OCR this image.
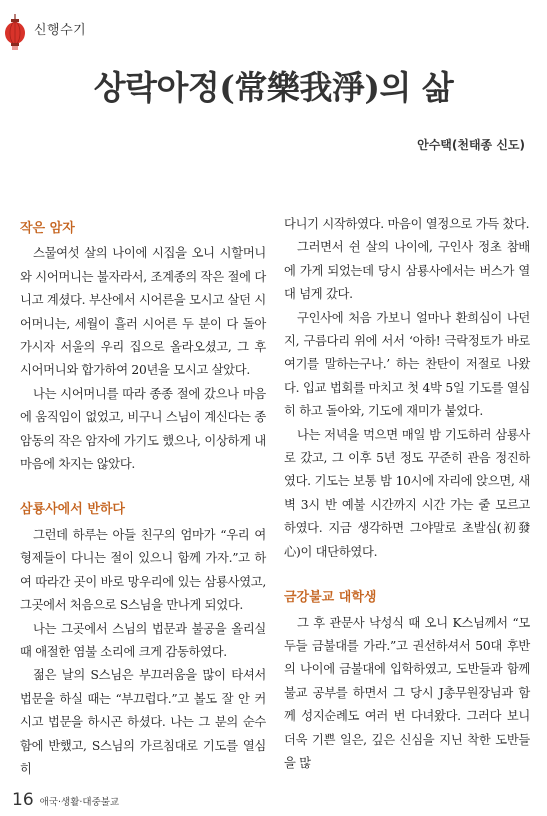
신행수기
상락아정(常樂我淨)의 삶
안수택(천태종 신도)
작은 암자

스물여섯 살의 나이에 시집을 오니 시할머니와 시어머니는 불자라서, 조계종의 작은 절에 다니고 계셨다. 부산에서 시어른을 모시고 살던 시어머니는, 세월이 흘러 시어른 두 분이 다 돌아가시자 서울의 우리 집으로 올라오셨고, 그 후 시어머니와 합가하여 20년을 모시고 살았다.

나는 시어머니를 따라 종종 절에 갔으나 마음에 움직임이 없었고, 비구니 스님이 계신다는 종암동의 작은 암자에 가기도 했으나, 이상하게 내 마음에 차지는 않았다.

삼룡사에서 반하다

그런데 하루는 아들 친구의 엄마가 “우리 여형제들이 다니는 절이 있으니 함께 가자.”고 하여 따라간 곳이 바로 망우리에 있는 삼룡사였고, 그곳에서 처음으로 S스님을 만나게 되었다.

나는 그곳에서 스님의 법문과 불공을 올리실 때 애절한 염불 소리에 크게 감동하였다.

젊은 날의 S스님은 부끄러움을 많이 타셔서 법문을 하실 때는 “부끄럽다.”고 볼도 잘 안 커시고 법문을 하시곤 하셨다. 나는 그 분의 순수함에 반했고, S스님의 가르침대로 기도를 열심히

다니기 시작하였다. 마음이 열정으로 가득 찼다.

그러면서 쉰 살의 나이에, 구인사 정초 참배에 가게 되었는데 당시 삼룡사에서는 버스가 열 대 넘게 갔다.

구인사에 처음 가보니 얼마나 환희심이 나던지, 구름다리 위에 서서 ‘아하! 극락정토가 바로 여기를 말하는구나.’ 하는 찬탄이 저절로 나왔다. 입교 법회를 마치고 첫 4박 5일 기도를 열심히 하고 돌아와, 기도에 재미가 붙었다.

나는 저녁을 먹으면 매일 밤 기도하러 삼룡사로 갔고, 그 이후 5년 정도 꾸준히 관음 정진하였다. 기도는 보통 밤 10시에 자리에 앉으면, 새벽 3시 반 예불 시간까지 시간 가는 줄 모르고 하였다. 지금 생각하면 그야말로 초발심(初發心)이 대단하였다.

금강불교 대학생

그 후 관문사 낙성식 때 오니 K스님께서 “모두들 금불대를 가라.”고 권선하셔서 50대 후반의 나이에 금불대에 입학하였고, 도반들과 함께 불교 공부를 하면서 그 당시 J총무원장님과 함께 성지순례도 여러 번 다녀왔다. 그러다 보니 더욱 기쁜 일은, 깊은 신심을 지닌 착한 도반들을 많

16 애국·생활·대중불교
